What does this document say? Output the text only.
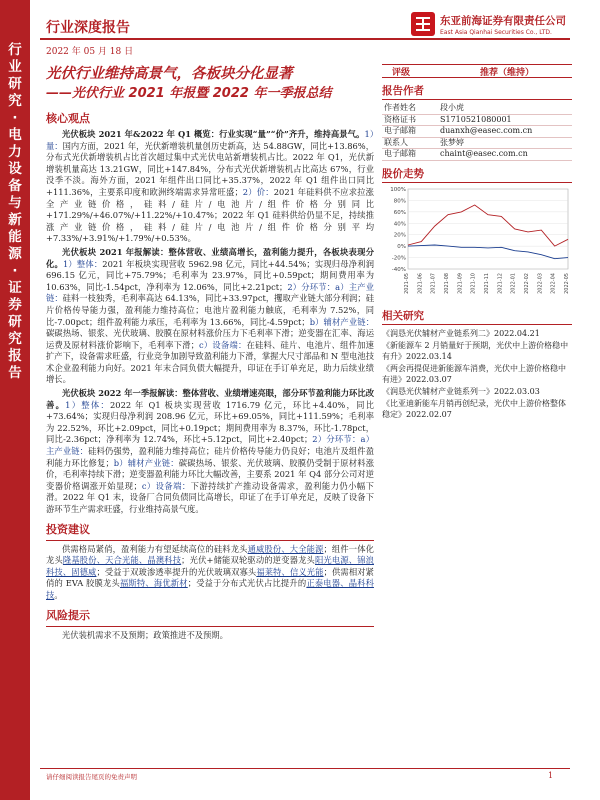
行业研究·电力设备与新能源·证券研究报告
行业深度报告
2022 年 05 月 18 日
东亚前海证券有限责任公司
East Asia Qianhai Securities Co., LTD.
光伏行业维持高景气，各板块分化显著
——光伏行业 2021 年报暨 2022 年一季报总结
核心观点

光伏板块 2021 年&2022 年 Q1 概览：行业实现“量”“价”齐升，维持高景气。1）量：国内方面，2021 年，光伏新增装机量创历史新高，达 54.88GW，同比+13.86%，分布式光伏新增装机占比首次超过集中式光伏电站新增装机占比。2022 年 Q1，光伏新增装机量高达 13.21GW，同比+147.84%，分布式光伏新增装机占比高达 67%，行业没季不淡。海外方面，2021 年组件出口同比+35.37%，2022 年 Q1 组件出口同比+111.36%，主要系印度和欧洲终端需求异常旺盛；2）价：2021 年硅料供不应求拉涨全产业链价格，硅料/硅片/电池片/组件价格分别同比+171.29%/+46.07%/+11.22%/+10.47%；2022 年 Q1 硅料供给仍显不足，持续推涨产业链价格，硅料/硅片/电池片/组件价格分别平均+7.33%/+3.91%/+1.79%/+0.53%。

光伏板块 2021 年报解读：整体营收、业绩高增长，盈利能力提升，各板块表现分化。1）整体：2021 年板块实现营收 5962.98 亿元，同比+44.54%；实现归母净利润 696.15 亿元，同比+75.79%；毛利率为 23.97%，同比+0.59pct；期间费用率为 10.63%，同比-1.54pct，净利率为 12.06%，同比+2.21pct；2）分环节：a）主产业链：硅料一枝独秀，毛利率高达 64.13%，同比+33.97pct，攫取产业链大部分利润；硅片价格传导能力强，盈利能力维持高位；电池片盈利能力触底，毛利率为 7.52%，同比-7.00pct；组件盈利能力承压，毛利率为 13.66%，同比-4.59pct；b）辅材产业链：碳碳热场、银浆、光伏玻璃、胶膜在原材料涨价压力下毛利率下滑；逆变器在汇率、海运运费及原材料涨价影响下，毛利率下滑；c）设备端：在硅料、硅片、电池片、组件加速扩产下，设备需求旺盛，行业竞争加剧导致盈利能力下滑，掌握大尺寸部品和 N 型电池技术企业盈利能力向好。2021 年末合同负债大幅提升，印证在手订单充足，助力后续业绩增长。

光伏板块 2022 年一季报解读：整体营收、业绩增速亮眼，部分环节盈利能力环比改善。1）整体：2022 年 Q1 板块实现营收 1716.79 亿元，环比+4.40%，同比+73.64%；实现归母净利润 208.96 亿元，环比+69.05%，同比+111.59%；毛利率为 22.52%，环比+2.09pct，同比+0.19pct；期间费用率为 8.37%，环比-1.78pct，同比-2.36pct；净利率为 12.74%，环比+5.12pct，同比+2.40pct；2）分环节：a）主产业链：硅料仍强势，盈利能力维持高位；硅片价格传导能力仍良好；电池片及组件盈利能力环比修复；b）辅材产业链：碳碳热场、银浆、光伏玻璃、胶膜仍受制于原材料涨价，毛利率持续下滑；逆变器盈利能力环比大幅改善，主要系 2021 年 Q4 部分公司对逆变器价格调涨开始显现；c）设备端：下游持续扩产推动设备需求，盈利能力仍小幅下滑。2022 年 Q1 末，设备厂合同负债同比高增长，印证了在手订单充足，反映了设备下游环节生产需求旺盛，行业维持高景气度。

投资建议

供需格局紧俏，盈利能力有望延续高位的硅料龙头通威股份、大全能源；组件一体化龙头隆基股份、天合光能、晶澳科技；光伏+储能双轮驱动的逆变器龙头阳光电源、锦浪科技、固德威；受益于双玻渗透率提升的光伏玻璃双寡头福莱特、信义光能；供需相对紧俏的 EVA 胶膜龙头福斯特、海优新材；受益于分布式光伏占比提升的正泰电器、晶科科技。

风险提示

光伏装机需求不及预期；政策推进不及预期。

评级	推荐（维持）
报告作者
作者姓名	段小虎
资格证书	S1710521080001
电子邮箱	duanxh@easec.com.cn
联系人	张梦婷
电子邮箱	chaint@easec.com.cn
股价走势
100%
80%
60%
40%
20%
0%
-20%
-40%
2021-05 2021-06 2021-07 2021-08 2021-09 2021-10 2021-11 2021-12 2022-01 2022-02 2022-03 2022-04 2022-05
相关研究
《润恳光伏辅材产业链系列二》2022.04.21
《新能源车 2 月销量好于预期，光伏中上游价格稳中有升》2022.03.14
《两会再提促进新能源车消费，光伏中上游价格稳中有进》2022.03.07
《润恳光伏辅材产业链系列一》2022.03.03
《比亚迪新能车月销再创纪录，光伏中上游价格整体稳定》2022.02.07
请仔细阅读报告尾页的免责声明	1
